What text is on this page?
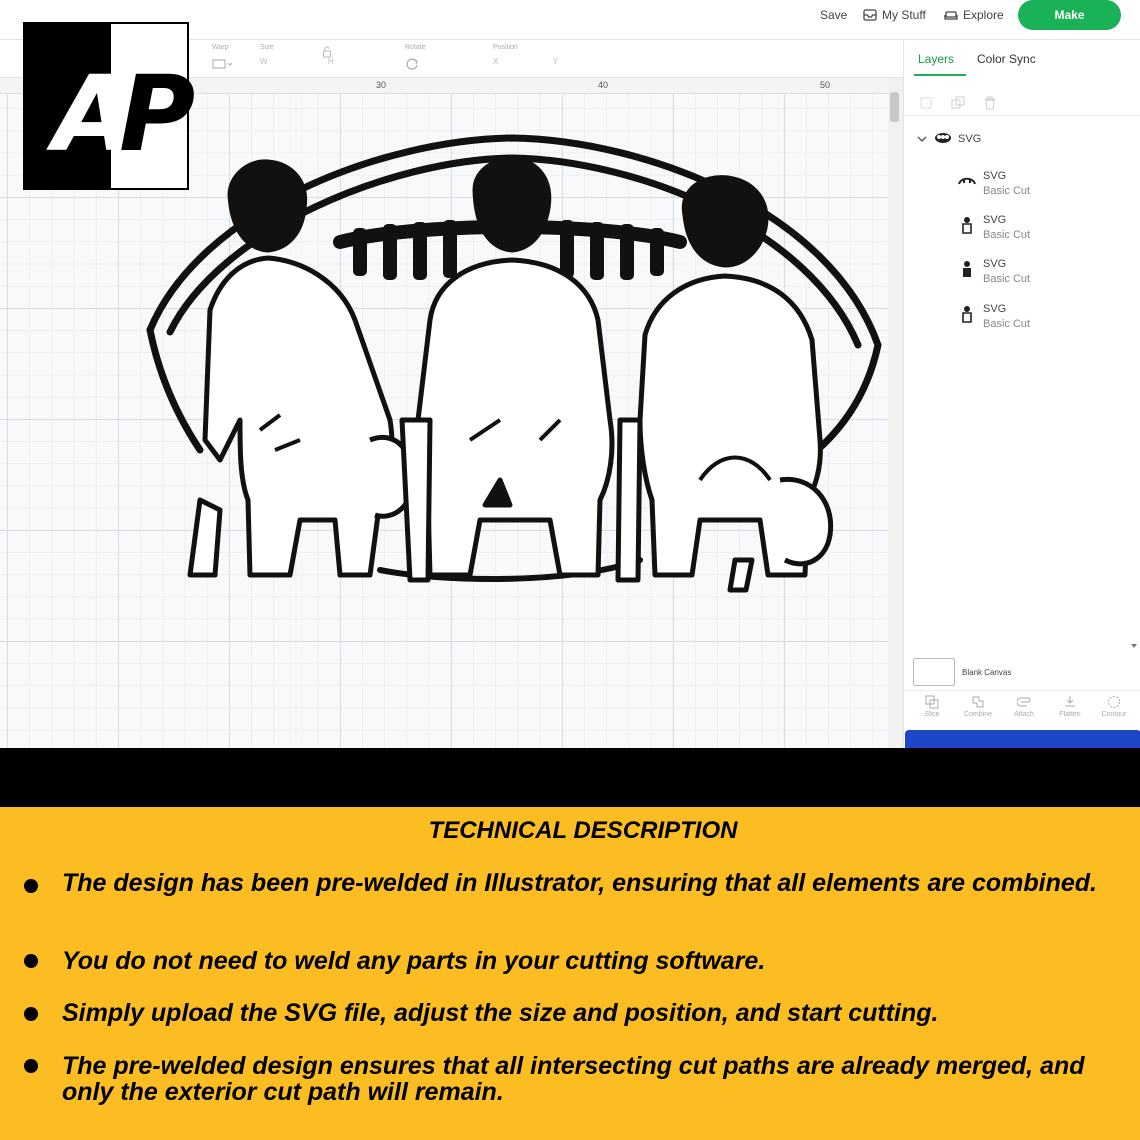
Save	My Stuff	Explore	Make
Warp	Size
W	H
Rotate	Position
X	Y
30	40	50
A
P	Layers Color Sync
SVG
SVG
Basic Cut
SVG
Basic Cut
SVG
Basic Cut
SVG
Basic Cut
Blank Canvas
Slice	Combine	Attach	Flatten	Contour
TECHNICAL DESCRIPTION
The design has been pre-welded in Illustrator, ensuring that all elements are combined.
You do not need to weld any parts in your cutting software.
Simply upload the SVG file, adjust the size and position, and start cutting.
The pre-welded design ensures that all intersecting cut paths are already merged, and only the exterior cut path will remain.
